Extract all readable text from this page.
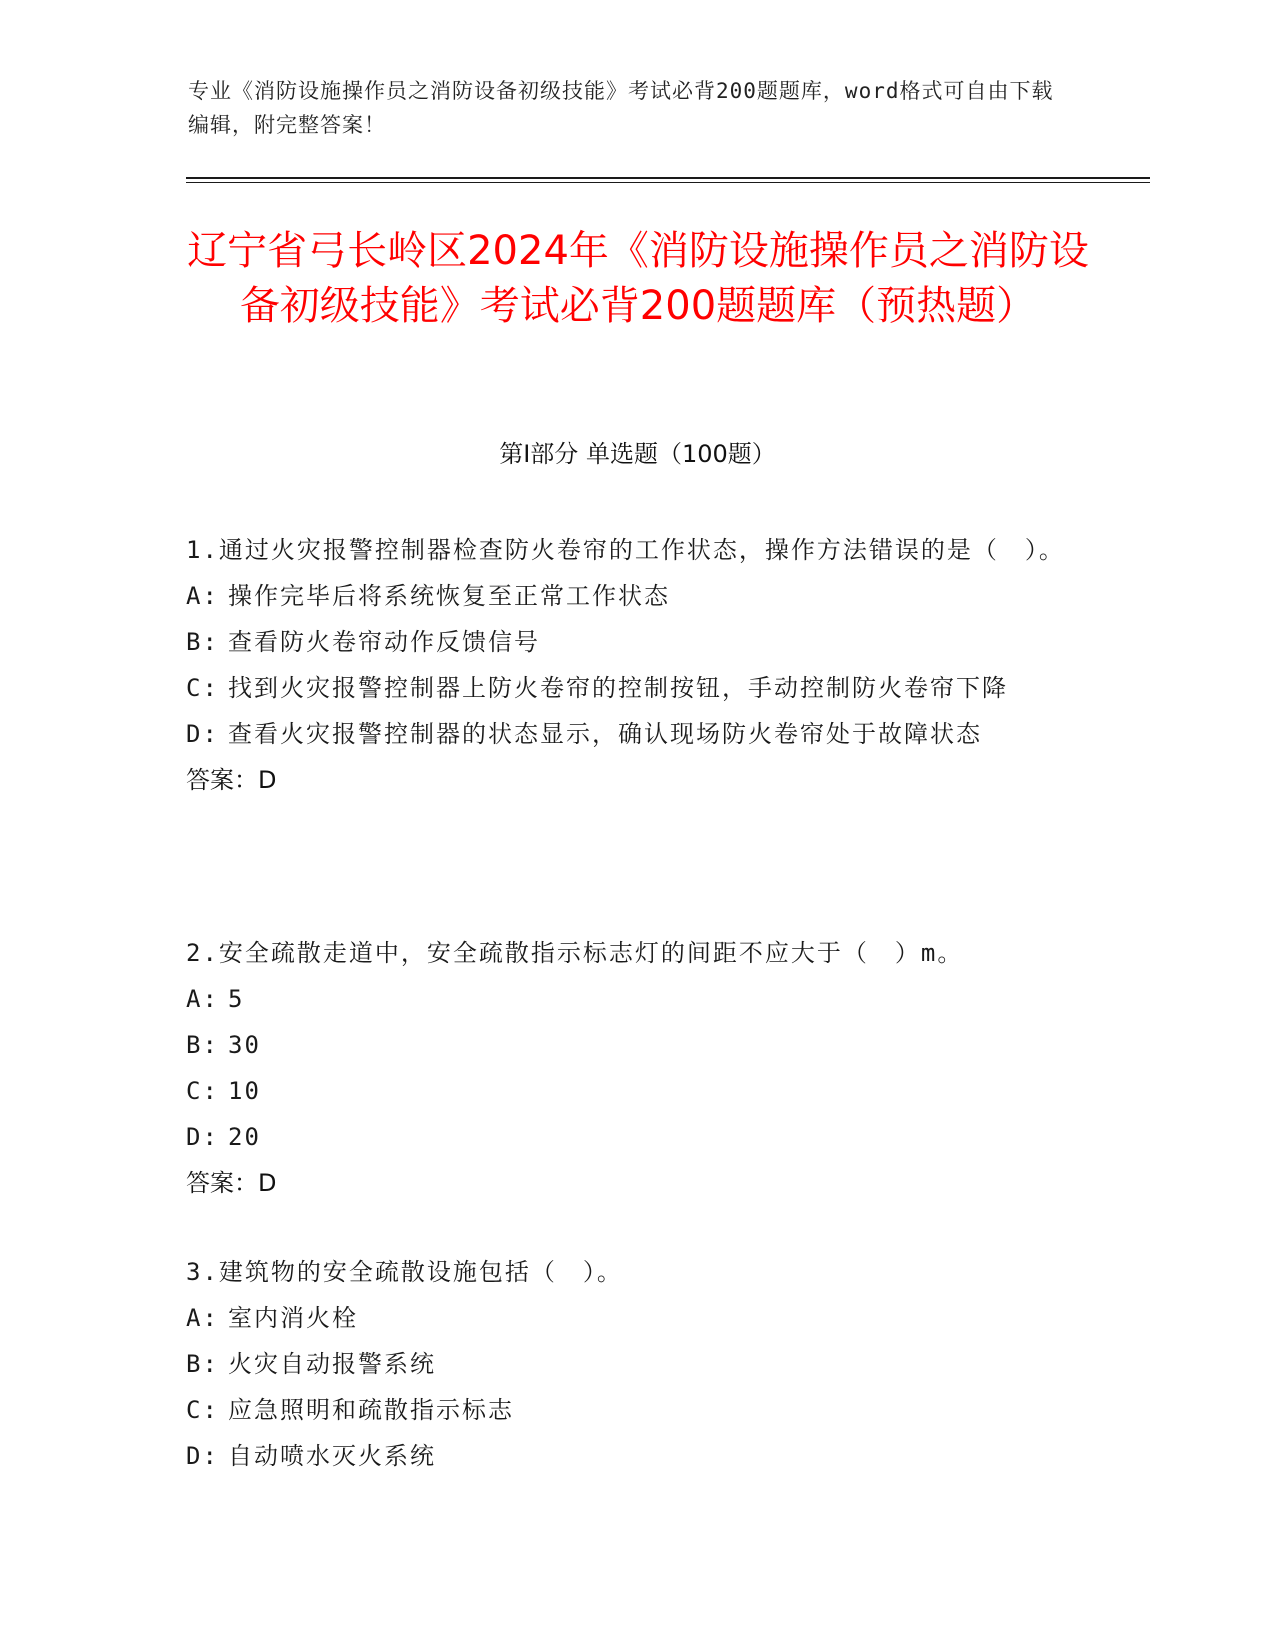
专业《消防设施操作员之消防设备初级技能》考试必背200题题库，word格式可自由下载编辑，附完整答案！
辽宁省弓长岭区2024年《消防设施操作员之消防设备初级技能》考试必背200题题库（预热题）
第I部分 单选题（100题）

1.通过火灾报警控制器检查防火卷帘的工作状态，操作方法错误的是（　）。

A: 操作完毕后将系统恢复至正常工作状态

B: 查看防火卷帘动作反馈信号

C: 找到火灾报警控制器上防火卷帘的控制按钮，手动控制防火卷帘下降

D: 查看火灾报警控制器的状态显示，确认现场防火卷帘处于故障状态

答案：D

2.安全疏散走道中，安全疏散指示标志灯的间距不应大于（　）m。

A: 5

B: 30

C: 10

D: 20

答案：D

3.建筑物的安全疏散设施包括（　）。

A: 室内消火栓

B: 火灾自动报警系统

C: 应急照明和疏散指示标志

D: 自动喷水灭火系统
